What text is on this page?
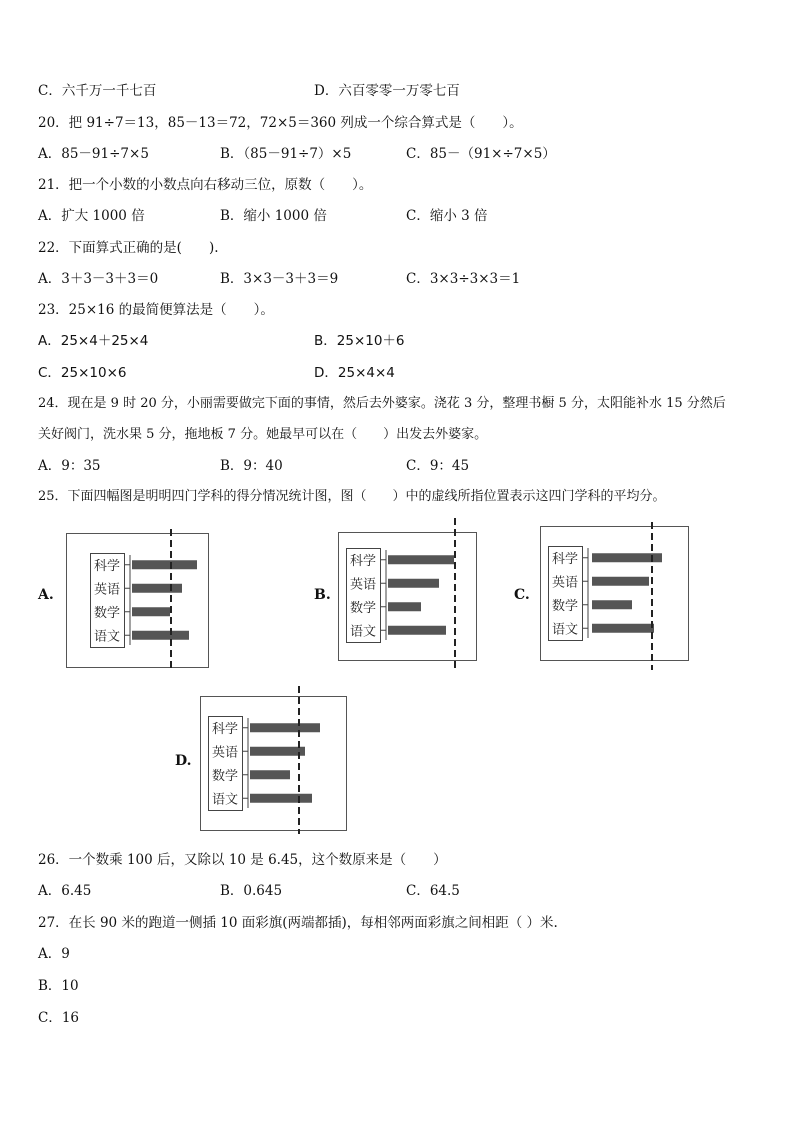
C．六千万一千七百	D．六百零零一万零七百
20．把 91÷7＝13，85－13＝72，72×5＝360 列成一个综合算式是（　　）。
A．85－91÷7×5	B．（85－91÷7）×5	C．85－（91×÷7×5）
21．把一个小数的小数点向右移动三位，原数（　　）。
A．扩大 1000 倍	B．缩小 1000 倍	C．缩小 3 倍
22．下面算式正确的是(　　).
A．3＋3－3＋3＝0	B．3×3－3＋3＝9	C．3×3÷3×3＝1
23．25×16 的最简便算法是（　　）。
A．25×4＋25×4	B．25×10＋6
C．25×10×6	D．25×4×4
24．现在是 9 时 20 分，小丽需要做完下面的事情，然后去外婆家。浇花 3 分，整理书橱 5 分，太阳能补水 15 分然后
关好阀门，洗水果 5 分，拖地板 7 分。她最早可以在（　　）出发去外婆家。
A．9：35	B．9：40	C．9：45
25．下面四幅图是明明四门学科的得分情况统计图，图（　　）中的虚线所指位置表示这四门学科的平均分。
A.
科学
英语
数学
语文
B.
科学
英语
数学
语文
C.
科学
英语
数学
语文
D.
科学
英语
数学
语文
26．一个数乘 100 后，又除以 10 是 6.45，这个数原来是（　　）
A．6.45	B．0.645	C．64.5
27．在长 90 米的跑道一侧插 10 面彩旗(两端都插)，每相邻两面彩旗之间相距（ ）米.
A．9
B．10
C．16
